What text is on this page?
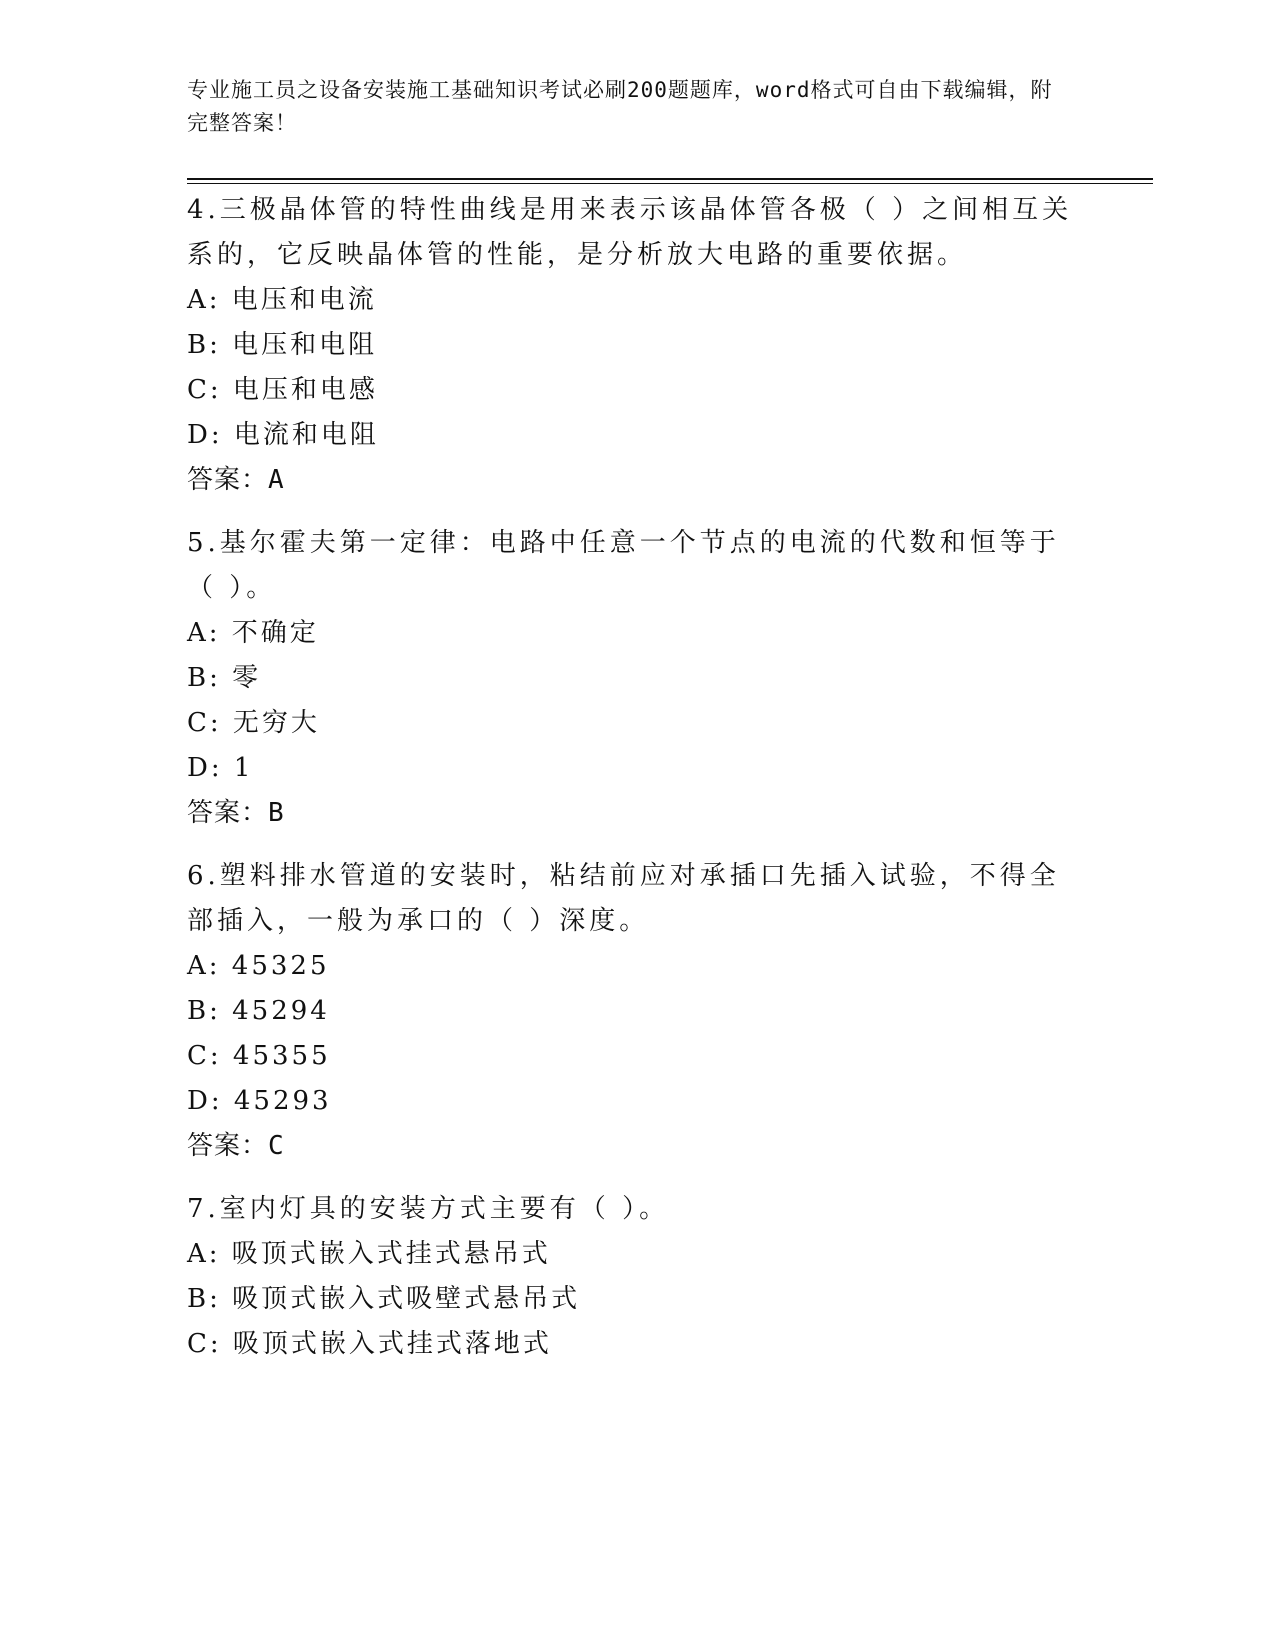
专业施工员之设备安装施工基础知识考试必刷200题题库，word格式可自由下载编辑，附完整答案！
4.三极晶体管的特性曲线是用来表示该晶体管各极（ ）之间相互关系的，它反映晶体管的性能，是分析放大电路的重要依据。
A: 电压和电流
B: 电压和电阻
C: 电压和电感
D: 电流和电阻
答案：A
5.基尔霍夫第一定律：电路中任意一个节点的电流的代数和恒等于（ ）。
A: 不确定
B: 零
C: 无穷大
D: 1
答案：B
6.塑料排水管道的安装时，粘结前应对承插口先插入试验，不得全部插入，一般为承口的（ ）深度。
A: 45325
B: 45294
C: 45355
D: 45293
答案：C
7.室内灯具的安装方式主要有（ ）。
A: 吸顶式嵌入式挂式悬吊式
B: 吸顶式嵌入式吸壁式悬吊式
C: 吸顶式嵌入式挂式落地式
